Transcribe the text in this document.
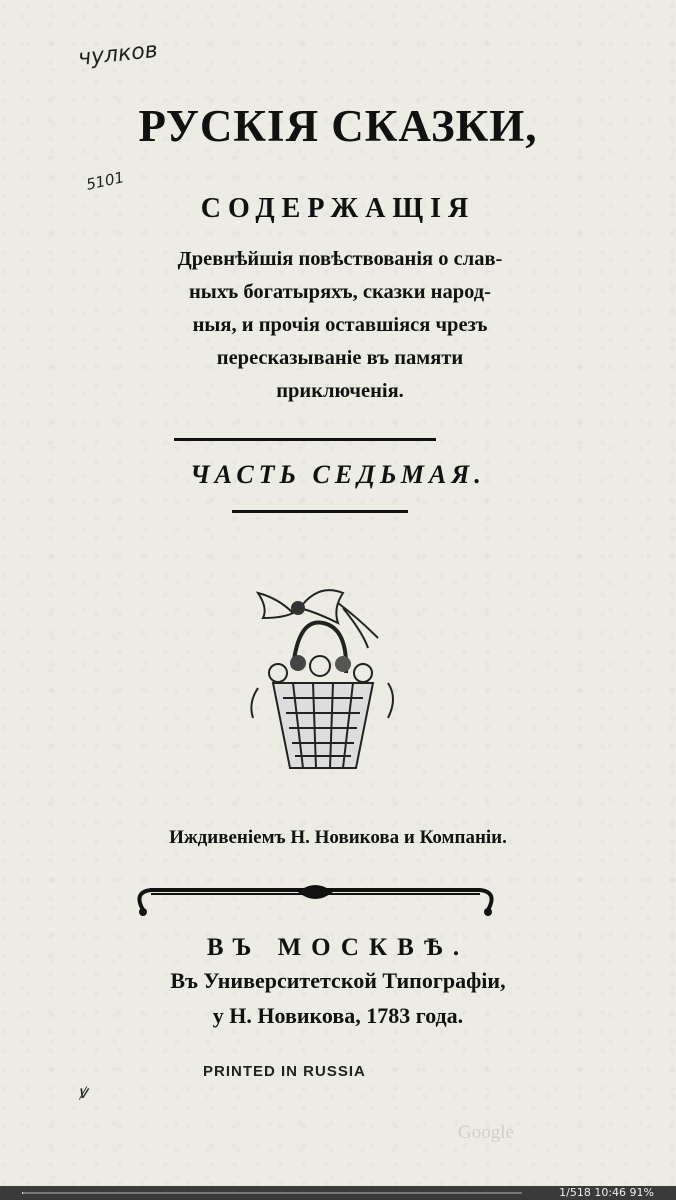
чулков
5101
РУСКІЯ СКАЗКИ,
СОДЕРЖАЩІЯ
Древнѣйшія повѣствованія о слав-
ныхъ богатыряхъ, сказки народ-
ныя, и прочія оставшіяся чрезъ
пересказываніе въ памяти
приключенія.
ЧАСТЬ СЕДЬМАЯ.
Иждивеніемъ Н. Новикова и Компаніи.
ВЪ МОСКВѢ.
Въ Университетской Типографіи,
у Н. Новикова, 1783 года.
PRINTED IN RUSSIA
ꝟ
Google
1/518 10:46 91%
